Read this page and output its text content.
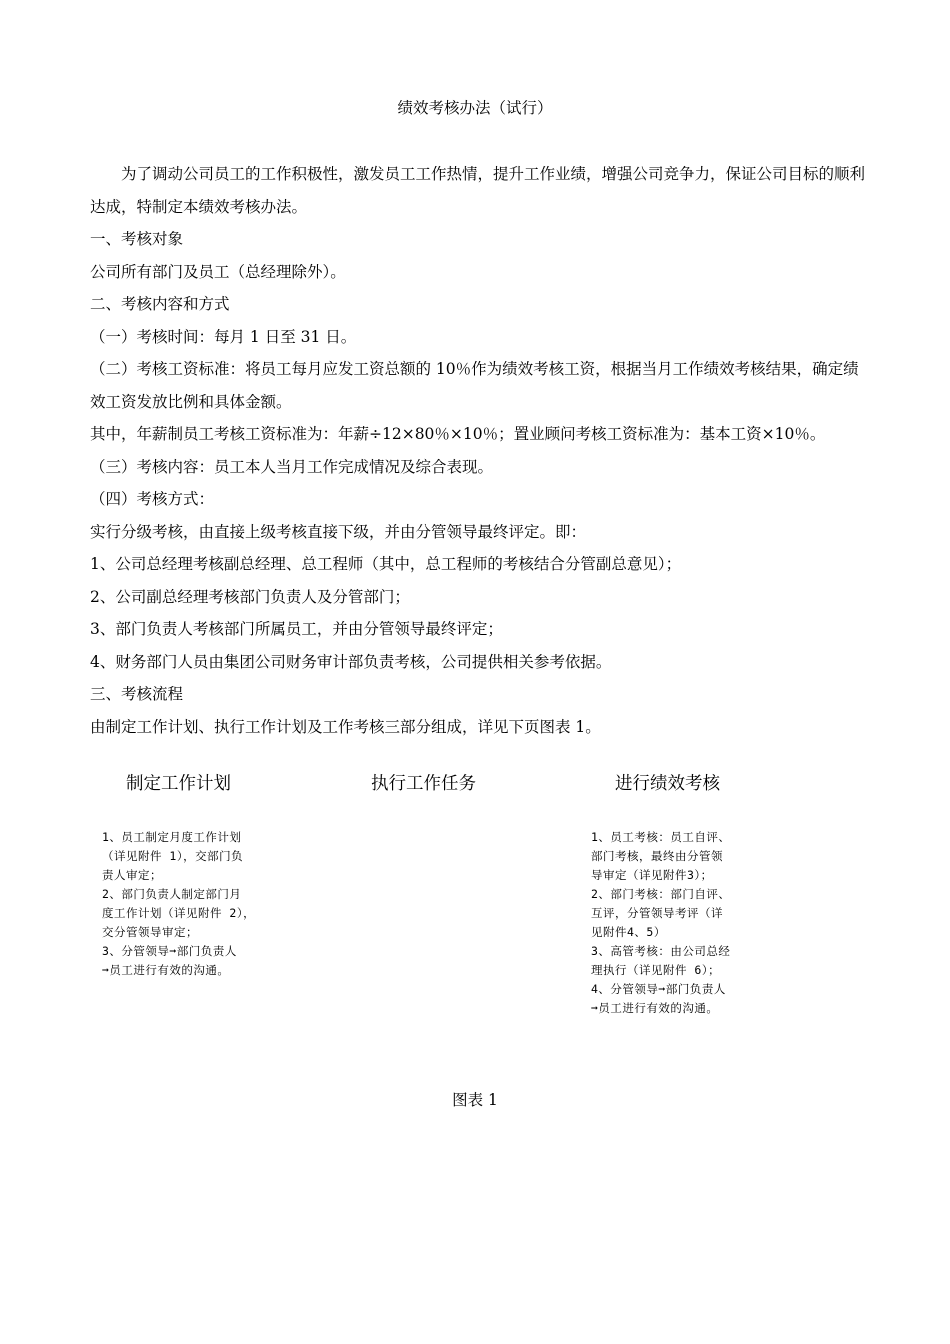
绩效考核办法（试行）

为了调动公司员工的工作积极性，激发员工工作热情，提升工作业绩，增强公司竞争力，保证公司目标的顺利达成，特制定本绩效考核办法。

一、考核对象

公司所有部门及员工（总经理除外）。

二、考核内容和方式

（一）考核时间：每月 1 日至 31 日。

（二）考核工资标准：将员工每月应发工资总额的 10％作为绩效考核工资，根据当月工作绩效考核结果，确定绩效工资发放比例和具体金额。

其中，年薪制员工考核工资标准为：年薪÷12×80％×10％；置业顾问考核工资标准为：基本工资×10％。

（三）考核内容：员工本人当月工作完成情况及综合表现。

（四）考核方式：

实行分级考核，由直接上级考核直接下级，并由分管领导最终评定。即：

1、公司总经理考核副总经理、总工程师（其中，总工程师的考核结合分管副总意见）；

2、公司副总经理考核部门负责人及分管部门；

3、部门负责人考核部门所属员工，并由分管领导最终评定；

4、财务部门人员由集团公司财务审计部负责考核，公司提供相关参考依据。

三、考核流程

由制定工作计划、执行工作计划及工作考核三部分组成，详见下页图表 1。

制定工作计划

1、员工制定月度工作计划

（详见附件 1），交部门负

责人审定；

2、部门负责人制定部门月

度工作计划（详见附件 2），

交分管领导审定；

3、分管领导➞部门负责人

➞员工进行有效的沟通。

执行工作任务	进行绩效考核

1、员工考核：员工自评、

部门考核，最终由分管领

导审定（详见附件3）；

2、部门考核：部门自评、

互评，分管领导考评（详

见附件4、5）

3、高管考核：由公司总经

理执行（详见附件 6）；

4、分管领导➞部门负责人

➞员工进行有效的沟通。

图表 1
